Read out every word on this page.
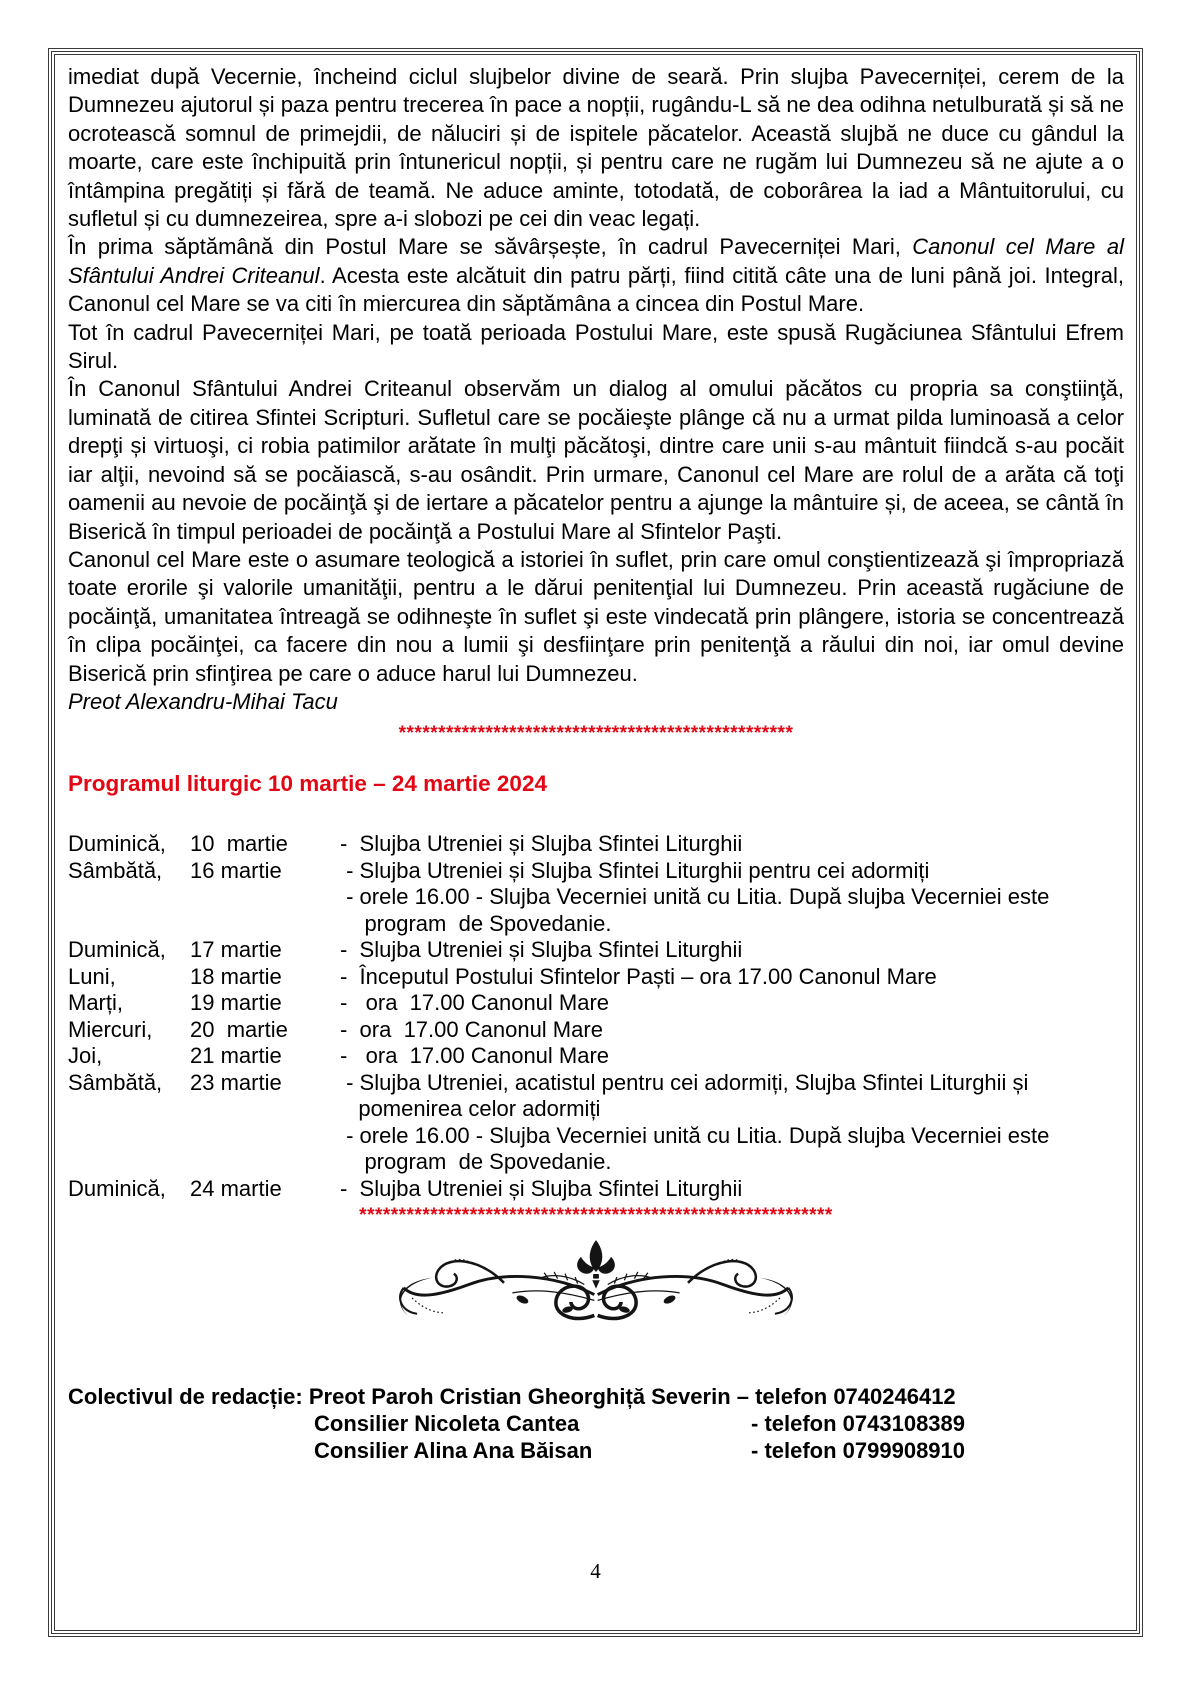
imediat după Vecernie, încheind ciclul slujbelor divine de seară. Prin slujba Pavecerniței, cerem de la Dumnezeu ajutorul și paza pentru trecerea în pace a nopții, rugându-L să ne dea odihna netulburată și să ne ocrotească somnul de primejdii, de năluciri și de ispitele păcatelor. Această slujbă ne duce cu gândul la moarte, care este închipuită prin întunericul nopții, și pentru care ne rugăm lui Dumnezeu să ne ajute a o întâmpina pregătiți și fără de teamă. Ne aduce aminte, totodată, de coborârea la iad a Mântuitorului, cu sufletul și cu dumnezeirea, spre a-i slobozi pe cei din veac legați.

În prima săptămână din Postul Mare se săvârșește, în cadrul Pavecerniței Mari, Canonul cel Mare al Sfântului Andrei Criteanul. Acesta este alcătuit din patru părți, fiind citită câte una de luni până joi. Integral, Canonul cel Mare se va citi în miercurea din săptămâna a cincea din Postul Mare.

Tot în cadrul Pavecerniței Mari, pe toată perioada Postului Mare, este spusă Rugăciunea Sfântului Efrem Sirul.

În Canonul Sfântului Andrei Criteanul observăm un dialog al omului păcătos cu propria sa conştiinţă, luminată de citirea Sfintei Scripturi. Sufletul care se pocăieşte plânge că nu a urmat pilda luminoasă a celor drepţi și virtuoşi, ci robia patimilor arătate în mulţi păcătoşi, dintre care unii s-au mântuit fiindcă s-au pocăit iar alţii, nevoind să se pocăiască, s-au osândit. Prin urmare, Canonul cel Mare are rolul de a arăta că toţi oamenii au nevoie de pocăinţă şi de iertare a păcatelor pentru a ajunge la mântuire și, de aceea, se cântă în Biserică în timpul perioadei de pocăinţă a Postului Mare al Sfintelor Paşti.

Canonul cel Mare este o asumare teologică a istoriei în suflet, prin care omul conştientizează şi împropriază toate erorile şi valorile umanităţii, pentru a le dărui penitenţial lui Dumnezeu. Prin această rugăciune de pocăinţă, umanitatea întreagă se odihneşte în suflet şi este vindecată prin plângere, istoria se concentrează în clipa pocăinţei, ca facere din nou a lumii şi desfiinţare prin penitenţă a răului din noi, iar omul devine Biserică prin sfinţirea pe care o aduce harul lui Dumnezeu.

Preot Alexandru-Mihai Tacu

**************************************************
Programul liturgic 10 martie – 24 martie 2024
Duminică,	10  martie	-  Slujba Utreniei și Slujba Sfintei Liturghii
Sâmbătă,	16 martie	- Slujba Utreniei și Slujba Sfintei Liturghii pentru cei adormiți
- orele 16.00 - Slujba Vecerniei unită cu Litia. După slujba Vecerniei este
program  de Spovedanie.
Duminică,	17 martie	-  Slujba Utreniei și Slujba Sfintei Liturghii
Luni,	18 martie	-  Începutul Postului Sfintelor Paști – ora 17.00 Canonul Mare
Marți,	19 martie	-   ora  17.00 Canonul Mare
Miercuri,	20  martie	-  ora  17.00 Canonul Mare
Joi,	21 martie	-   ora  17.00 Canonul Mare
Sâmbătă,	23 martie	- Slujba Utreniei, acatistul pentru cei adormiți, Slujba Sfintei Liturghii și
pomenirea celor adormiți
- orele 16.00 - Slujba Vecerniei unită cu Litia. După slujba Vecerniei este
program  de Spovedanie.
Duminică,	24 martie	-  Slujba Utreniei și Slujba Sfintei Liturghii
************************************************************
Colectivul de redacție: Preot Paroh Cristian Gheorghiță Severin – telefon 0740246412
Consilier Nicoleta Cantea	- telefon 0743108389
Consilier Alina Ana Băisan	- telefon 0799908910
4
